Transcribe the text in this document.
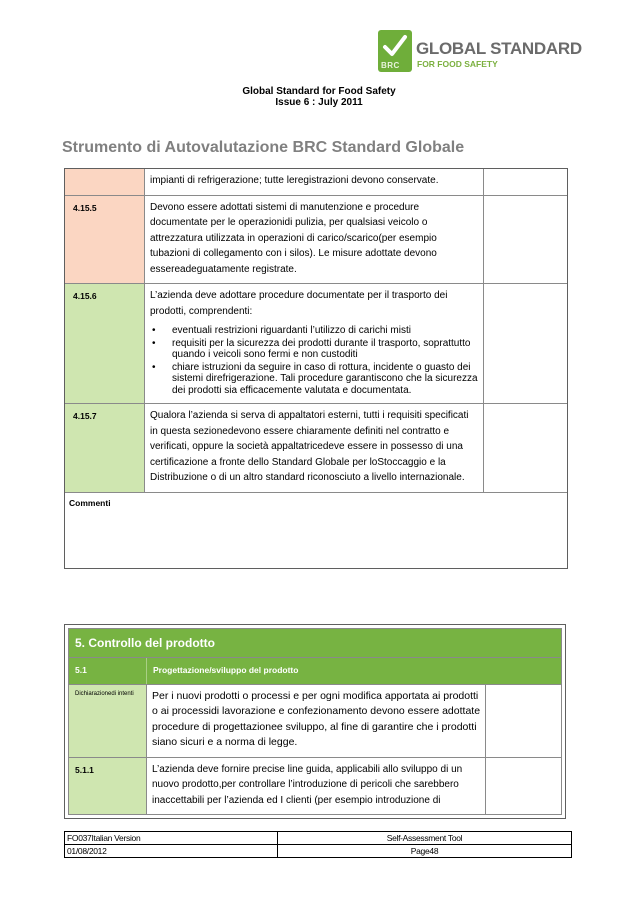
BRC
GLOBAL STANDARD
FOR FOOD SAFETY
Global Standard for Food Safety
Issue 6 : July 2011
Strumento di Autovalutazione BRC Standard Globale
impianti di refrigerazione; tutte leregistrazioni devono conservate.
4.15.5	Devono essere adottati sistemi di manutenzione e procedure documentate per le operazionidi pulizia, per qualsiasi veicolo o attrezzatura utilizzata in operazioni di carico/scarico(per esempio tubazioni di collegamento con i silos). Le misure adottate devono essereadeguatamente registrate.
4.15.6	L’azienda deve adottare procedure documentate per il trasporto dei prodotti, comprendenti:
• eventuali restrizioni riguardanti l’utilizzo di carichi misti
• requisiti per la sicurezza dei prodotti durante il trasporto, soprattutto quando i veicoli sono fermi e non custoditi
• chiare istruzioni da seguire in caso di rottura, incidente o guasto dei sistemi direfrigerazione. Tali procedure garantiscono che la sicurezza dei prodotti sia efficacemente valutata e documentata.
4.15.7	Qualora l’azienda si serva di appaltatori esterni, tutti i requisiti specificati in questa sezionedevono essere chiaramente definiti nel contratto e verificati, oppure la società appaltatricedeve essere in possesso di una certificazione a fronte dello Standard Globale per loStoccaggio e la Distribuzione o di un altro standard riconosciuto a livello internazionale.
Commenti
5. Controllo del prodotto
5.1	Progettazione/sviluppo del prodotto
Dichiarazionedi intenti	Per i nuovi prodotti o processi e per ogni modifica apportata ai prodotti o ai processidi lavorazione e confezionamento devono essere adottate procedure di progettazionee sviluppo, al fine di garantire che i prodotti siano sicuri e a norma di legge.
5.1.1	L’azienda deve fornire precise line guida, applicabili allo sviluppo di un nuovo prodotto,per controllare l’introduzione di pericoli che sarebbero inaccettabili per l’azienda ed I clienti (per esempio introduzione di
FO037Italian Version	Self-Assessment Tool
01/08/2012	Page48
